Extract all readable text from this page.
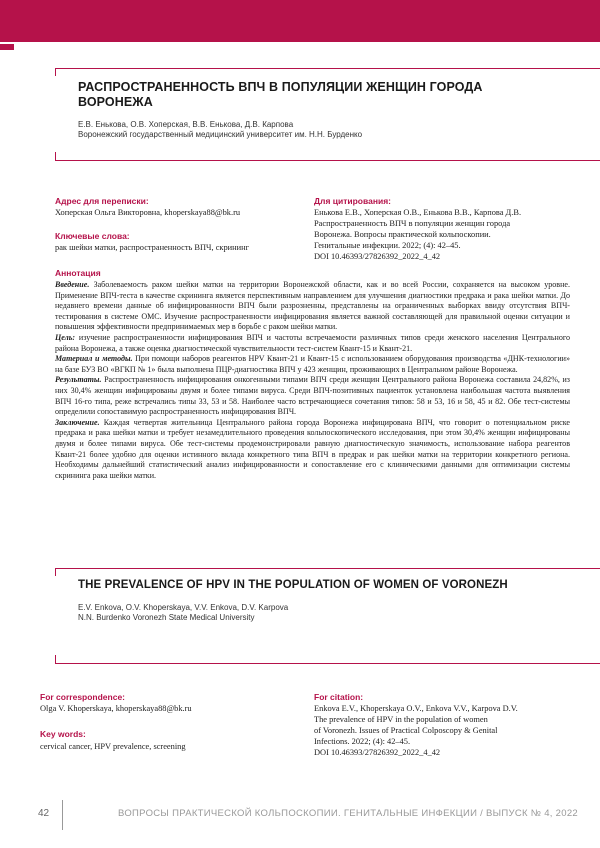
РАСПРОСТРАНЕННОСТЬ ВПЧ В ПОПУЛЯЦИИ ЖЕНЩИН ГОРОДА
ВОРОНЕЖА
Е.В. Енькова, О.В. Хоперская, В.В. Енькова, Д.В. Карпова
Воронежский государственный медицинский университет им. Н.Н. Бурденко
Адрес для переписки:
Хоперская Ольга Викторовна, khoperskaya88@bk.ru
Ключевые слова:
рак шейки матки, распространенность ВПЧ, скрининг
Для цитирования:
Енькова Е.В., Хоперская О.В., Енькова В.В., Карпова Д.В.
Распространенность ВПЧ в популяции женщин города
Воронежа. Вопросы практической кольпоскопии.
Генитальные инфекции. 2022; (4): 42–45.
DOI 10.46393/27826392_2022_4_42
Аннотация

Введение. Заболеваемость раком шейки матки на территории Воронежской области, как и во всей России, сохраняется на высоком уровне. Применение ВПЧ-теста в качестве скрининга является перспективным направлением для улучшения диагностики предрака и рака шейки матки. До недавнего времени данные об инфицированности ВПЧ были разрозненны, представлены на ограниченных выборках ввиду отсутствия ВПЧ-тестирования в системе ОМС. Изучение распространенности инфицирования является важной составляющей для правильной оценки ситуации и повышения эффективности предпринимаемых мер в борьбе с раком шейки матки.

Цель: изучение распространенности инфицирования ВПЧ и частоты встречаемости различных типов среди женского населения Центрального района Воронежа, а также оценка диагностической чувствительности тест-систем Квант-15 и Квант-21.

Материал и методы. При помощи наборов реагентов HPV Квант-21 и Квант-15 с использованием оборудования производства «ДНК-технологии» на базе БУЗ ВО «ВГКП № 1» была выполнена ПЦР-диагностика ВПЧ у 423 женщин, проживающих в Центральном районе Воронежа.

Результаты. Распространенность инфицирования онкогенными типами ВПЧ среди женщин Центрального района Воронежа составила 24,82%, из них 30,4% женщин инфицированы двумя и более типами вируса. Среди ВПЧ-позитивных пациенток установлена наибольшая частота выявления ВПЧ 16-го типа, реже встречались типы 33, 53 и 58. Наиболее часто встречающиеся сочетания типов: 58 и 53, 16 и 58, 45 и 82. Обе тест-системы определили сопоставимую распространенность инфицирования ВПЧ.

Заключение. Каждая четвертая жительница Центрального района города Воронежа инфицирована ВПЧ, что говорит о потенциальном риске предрака и рака шейки матки и требует незамедлительного проведения кольпоскопического исследования, при этом 30,4% женщин инфицированы двумя и более типами вируса. Обе тест-системы продемонстрировали равную диагностическую значимость, использование набора реагентов Квант-21 более удобно для оценки истинного вклада конкретного типа ВПЧ в предрак и рак шейки матки на территории конкретного региона. Необходимы дальнейший статистический анализ инфицированности и сопоставление его с клиническими данными для оптимизации системы скрининга рака шейки матки.

THE PREVALENCE OF HPV IN THE POPULATION OF WOMEN OF VORONEZH
E.V. Enkova, O.V. Khoperskaya, V.V. Enkova, D.V. Karpova
N.N. Burdenko Voronezh State Medical University
For correspondence:
Olga V. Khoperskaya, khoperskaya88@bk.ru
Key words:
cervical cancer, HPV prevalence, screening
For citation:
Enkova E.V., Khoperskaya O.V., Enkova V.V., Karpova D.V.
The prevalence of HPV in the population of women
of Voronezh. Issues of Practical Colposcopy & Genital
Infections. 2022; (4): 42–45.
DOI 10.46393/27826392_2022_4_42
42	ВОПРОСЫ ПРАКТИЧЕСКОЙ КОЛЬПОСКОПИИ. ГЕНИТАЛЬНЫЕ ИНФЕКЦИИ / ВЫПУСК № 4, 2022
